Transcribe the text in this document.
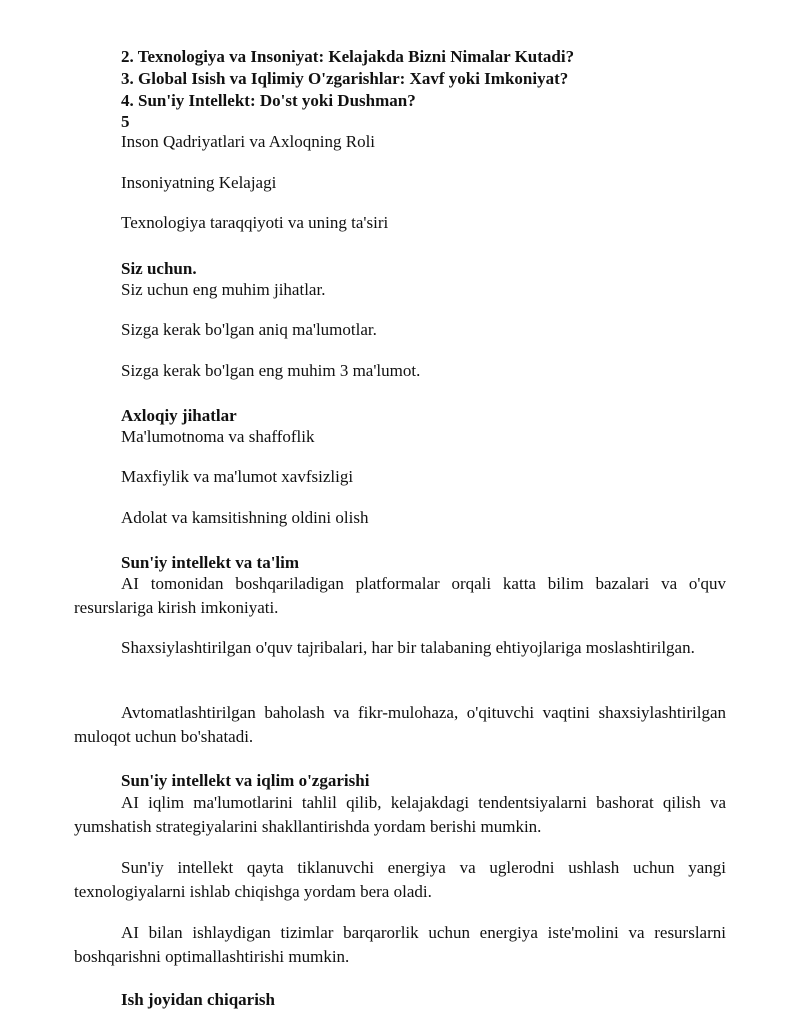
2. Texnologiya va Insoniyat: Kelajakda Bizni Nimalar Kutadi?
3. Global Isish va Iqlimiy O'zgarishlar: Xavf yoki Imkoniyat?
4. Sun'iy Intellekt: Do'st yoki Dushman?
5
Inson Qadriyatlari va Axloqning Roli
Insoniyatning Kelajagi
Texnologiya taraqqiyoti va uning ta'siri
Siz uchun.
Siz uchun eng muhim jihatlar.
Sizga kerak bo'lgan aniq ma'lumotlar.
Sizga kerak bo'lgan eng muhim 3 ma'lumot.
Axloqiy jihatlar
Ma'lumotnoma va shaffoflik
Maxfiylik va ma'lumot xavfsizligi
Adolat va kamsitishning oldini olish
Sun'iy intellekt va ta'lim
AI tomonidan boshqariladigan platformalar orqali katta bilim bazalari va o'quv resurslariga kirish imkoniyati.
Shaxsiylashtirilgan o'quv tajribalari, har bir talabaning ehtiyojlariga moslashtirilgan.
Avtomatlashtirilgan baholash va fikr-mulohaza, o'qituvchi vaqtini shaxsiylashtirilgan muloqot uchun bo'shatadi.
Sun'iy intellekt va iqlim o'zgarishi
AI iqlim ma'lumotlarini tahlil qilib, kelajakdagi tendentsiyalarni bashorat qilish va yumshatish strategiyalarini shakllantirishda yordam berishi mumkin.
Sun'iy intellekt qayta tiklanuvchi energiya va uglerodni ushlash uchun yangi texnologiyalarni ishlab chiqishga yordam bera oladi.
AI bilan ishlaydigan tizimlar barqarorlik uchun energiya iste'molini va resurslarni boshqarishni optimallashtirishi mumkin.
Ish joyidan chiqarish
